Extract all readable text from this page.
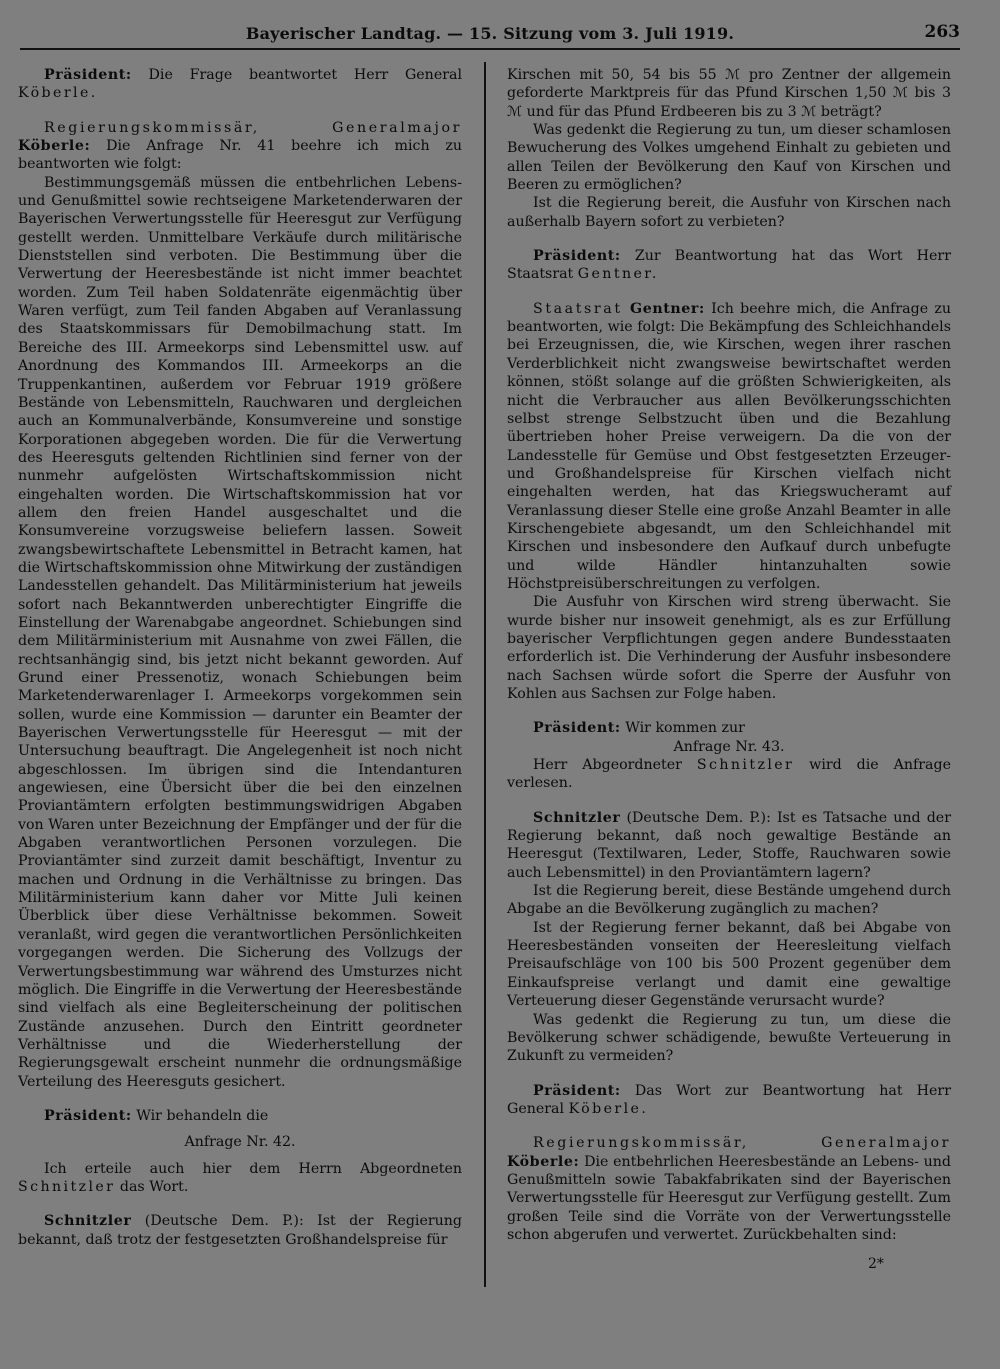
Bayerischer Landtag. — 15. Sitzung vom 3. Juli 1919.	263

Präsident: Die Frage beantwortet Herr General Köberle.

Regierungskommissär, Generalmajor Köberle: Die Anfrage Nr. 41 beehre ich mich zu beantworten wie folgt:

Bestimmungsgemäß müssen die entbehrlichen Lebens- und Genußmittel sowie rechtseigene Marketenderwaren der Bayerischen Verwertungsstelle für Heeresgut zur Verfügung gestellt werden. Unmittelbare Verkäufe durch militärische Dienststellen sind verboten. Die Bestimmung über die Verwertung der Heeresbestände ist nicht immer beachtet worden. Zum Teil haben Soldatenräte eigenmächtig über Waren verfügt, zum Teil fanden Abgaben auf Veranlassung des Staatskommissars für Demobilmachung statt. Im Bereiche des III. Armeekorps sind Lebensmittel usw. auf Anordnung des Kommandos III. Armeekorps an die Truppenkantinen, außerdem vor Februar 1919 größere Bestände von Lebensmitteln, Rauchwaren und dergleichen auch an Kommunalverbände, Konsumvereine und sonstige Korporationen abgegeben worden. Die für die Verwertung des Heeresguts geltenden Richtlinien sind ferner von der nunmehr aufgelösten Wirtschaftskommission nicht eingehalten worden. Die Wirtschaftskommission hat vor allem den freien Handel ausgeschaltet und die Konsumvereine vorzugsweise beliefern lassen. Soweit zwangsbewirtschaftete Lebensmittel in Betracht kamen, hat die Wirtschaftskommission ohne Mitwirkung der zuständigen Landesstellen gehandelt. Das Militärministerium hat jeweils sofort nach Bekanntwerden unberechtigter Eingriffe die Einstellung der Warenabgabe angeordnet. Schiebungen sind dem Militärministerium mit Ausnahme von zwei Fällen, die rechtsanhängig sind, bis jetzt nicht bekannt geworden. Auf Grund einer Pressenotiz, wonach Schiebungen beim Marketenderwarenlager I. Armeekorps vorgekommen sein sollen, wurde eine Kommission — darunter ein Beamter der Bayerischen Verwertungsstelle für Heeresgut — mit der Untersuchung beauftragt. Die Angelegenheit ist noch nicht abgeschlossen. Im übrigen sind die Intendanturen angewiesen, eine Übersicht über die bei den einzelnen Proviantämtern erfolgten bestimmungswidrigen Abgaben von Waren unter Bezeichnung der Empfänger und der für die Abgaben verantwortlichen Personen vorzulegen. Die Proviantämter sind zurzeit damit beschäftigt, Inventur zu machen und Ordnung in die Verhältnisse zu bringen. Das Militärministerium kann daher vor Mitte Juli keinen Überblick über diese Verhältnisse bekommen. Soweit veranlaßt, wird gegen die verantwortlichen Persönlichkeiten vorgegangen werden. Die Sicherung des Vollzugs der Verwertungsbestimmung war während des Umsturzes nicht möglich. Die Eingriffe in die Verwertung der Heeresbestände sind vielfach als eine Begleiterscheinung der politischen Zustände anzusehen. Durch den Eintritt geordneter Verhältnisse und die Wiederherstellung der Regierungsgewalt erscheint nunmehr die ordnungsmäßige Verteilung des Heeresguts gesichert.

Präsident: Wir behandeln die

Anfrage Nr. 42.

Ich erteile auch hier dem Herrn Abgeordneten Schnitzler das Wort.

Schnitzler (Deutsche Dem. P.): Ist der Regierung bekannt, daß trotz der festgesetzten Großhandelspreise für

Kirschen mit 50, 54 bis 55 ℳ pro Zentner der allgemein geforderte Marktpreis für das Pfund Kirschen 1,50 ℳ bis 3 ℳ und für das Pfund Erdbeeren bis zu 3 ℳ beträgt?

Was gedenkt die Regierung zu tun, um dieser schamlosen Bewucherung des Volkes umgehend Einhalt zu gebieten und allen Teilen der Bevölkerung den Kauf von Kirschen und Beeren zu ermöglichen?

Ist die Regierung bereit, die Ausfuhr von Kirschen nach außerhalb Bayern sofort zu verbieten?

Präsident: Zur Beantwortung hat das Wort Herr Staatsrat Gentner.

Staatsrat Gentner: Ich beehre mich, die Anfrage zu beantworten, wie folgt: Die Bekämpfung des Schleichhandels bei Erzeugnissen, die, wie Kirschen, wegen ihrer raschen Verderblichkeit nicht zwangsweise bewirtschaftet werden können, stößt solange auf die größten Schwierigkeiten, als nicht die Verbraucher aus allen Bevölkerungsschichten selbst strenge Selbstzucht üben und die Bezahlung übertrieben hoher Preise verweigern. Da die von der Landesstelle für Gemüse und Obst festgesetzten Erzeuger- und Großhandelspreise für Kirschen vielfach nicht eingehalten werden, hat das Kriegswucheramt auf Veranlassung dieser Stelle eine große Anzahl Beamter in alle Kirschengebiete abgesandt, um den Schleichhandel mit Kirschen und insbesondere den Aufkauf durch unbefugte und wilde Händler hintanzuhalten sowie Höchstpreisüberschreitungen zu verfolgen.

Die Ausfuhr von Kirschen wird streng überwacht. Sie wurde bisher nur insoweit genehmigt, als es zur Erfüllung bayerischer Verpflichtungen gegen andere Bundesstaaten erforderlich ist. Die Verhinderung der Ausfuhr insbesondere nach Sachsen würde sofort die Sperre der Ausfuhr von Kohlen aus Sachsen zur Folge haben.

Präsident: Wir kommen zur

Anfrage Nr. 43.

Herr Abgeordneter Schnitzler wird die Anfrage verlesen.

Schnitzler (Deutsche Dem. P.): Ist es Tatsache und der Regierung bekannt, daß noch gewaltige Bestände an Heeresgut (Textilwaren, Leder, Stoffe, Rauchwaren sowie auch Lebensmittel) in den Proviantämtern lagern?

Ist die Regierung bereit, diese Bestände umgehend durch Abgabe an die Bevölkerung zugänglich zu machen?

Ist der Regierung ferner bekannt, daß bei Abgabe von Heeresbeständen vonseiten der Heeresleitung vielfach Preisaufschläge von 100 bis 500 Prozent gegenüber dem Einkaufspreise verlangt und damit eine gewaltige Verteuerung dieser Gegenstände verursacht wurde?

Was gedenkt die Regierung zu tun, um diese die Bevölkerung schwer schädigende, bewußte Verteuerung in Zukunft zu vermeiden?

Präsident: Das Wort zur Beantwortung hat Herr General Köberle.

Regierungskommissär, Generalmajor Köberle: Die entbehrlichen Heeresbestände an Lebens- und Genußmitteln sowie Tabakfabrikaten sind der Bayerischen Verwertungsstelle für Heeresgut zur Verfügung gestellt. Zum großen Teile sind die Vorräte von der Verwertungsstelle schon abgerufen und verwertet. Zurückbehalten sind:

2*
